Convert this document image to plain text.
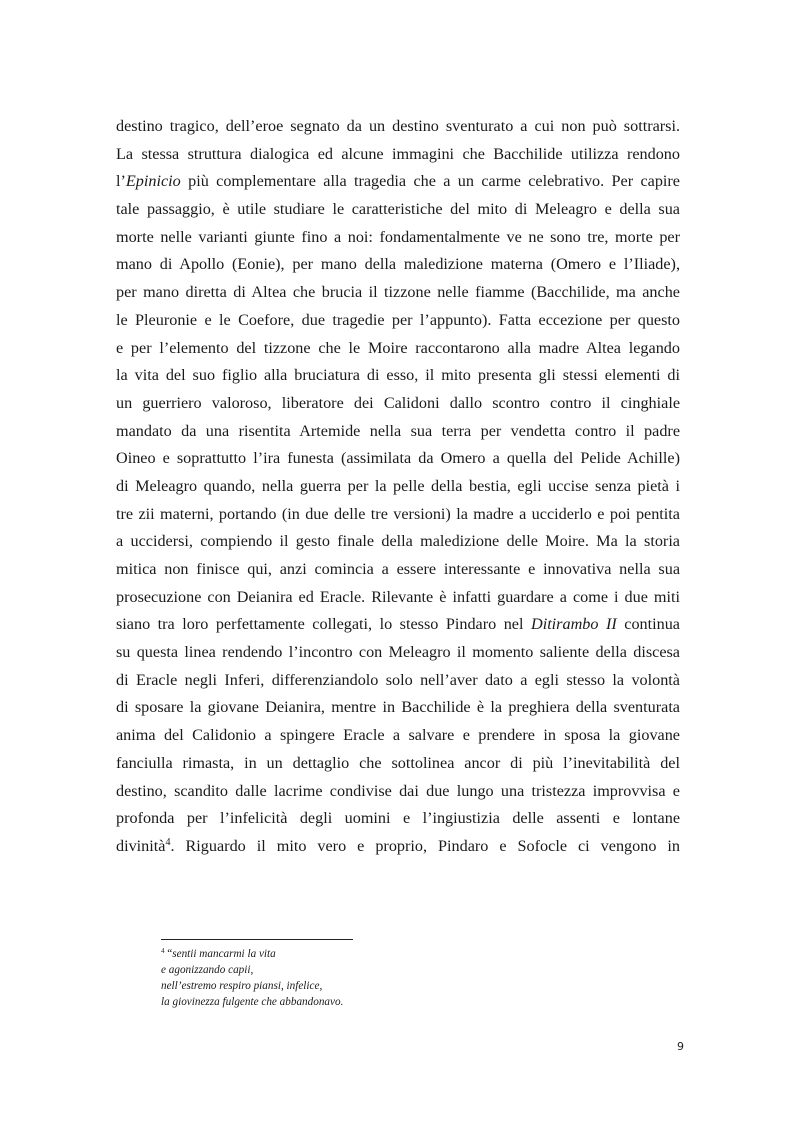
destino tragico, dell’eroe segnato da un destino sventurato a cui non può sottrarsi.
La stessa struttura dialogica ed alcune immagini che Bacchilide utilizza rendono
l’Epinicio più complementare alla tragedia che a un carme celebrativo. Per capire
tale passaggio, è utile studiare le caratteristiche del mito di Meleagro e della sua
morte nelle varianti giunte fino a noi: fondamentalmente ve ne sono tre, morte per
mano di Apollo (Eonie), per mano della maledizione materna (Omero e l’Iliade),
per mano diretta di Altea che brucia il tizzone nelle fiamme (Bacchilide, ma anche
le Pleuronie e le Coefore, due tragedie per l’appunto). Fatta eccezione per questo
e per l’elemento del tizzone che le Moire raccontarono alla madre Altea legando
la vita del suo figlio alla bruciatura di esso, il mito presenta gli stessi elementi di
un guerriero valoroso, liberatore dei Calidoni dallo scontro contro il cinghiale
mandato da una risentita Artemide nella sua terra per vendetta contro il padre
Oineo e soprattutto l’ira funesta (assimilata da Omero a quella del Pelide Achille)
di Meleagro quando, nella guerra per la pelle della bestia, egli uccise senza pietà i
tre zii materni, portando (in due delle tre versioni) la madre a ucciderlo e poi pentita
a uccidersi, compiendo il gesto finale della maledizione delle Moire. Ma la storia
mitica non finisce qui, anzi comincia a essere interessante e innovativa nella sua
prosecuzione con Deianira ed Eracle. Rilevante è infatti guardare a come i due miti
siano tra loro perfettamente collegati, lo stesso Pindaro nel Ditirambo II continua
su questa linea rendendo l’incontro con Meleagro il momento saliente della discesa
di Eracle negli Inferi, differenziandolo solo nell’aver dato a egli stesso la volontà
di sposare la giovane Deianira, mentre in Bacchilide è la preghiera della sventurata
anima del Calidonio a spingere Eracle a salvare e prendere in sposa la giovane
fanciulla rimasta, in un dettaglio che sottolinea ancor di più l’inevitabilità del
destino, scandito dalle lacrime condivise dai due lungo una tristezza improvvisa e
profonda per l’infelicità degli uomini e l’ingiustizia delle assenti e lontane
divinità$^4$. Riguardo il mito vero e proprio, Pindaro e Sofocle ci vengono in
$^4$ “sentii mancarmi la vita
e agonizzando capii,
nell’estremo respiro piansi, infelice,
la giovinezza fulgente che abbandonavo.
9
